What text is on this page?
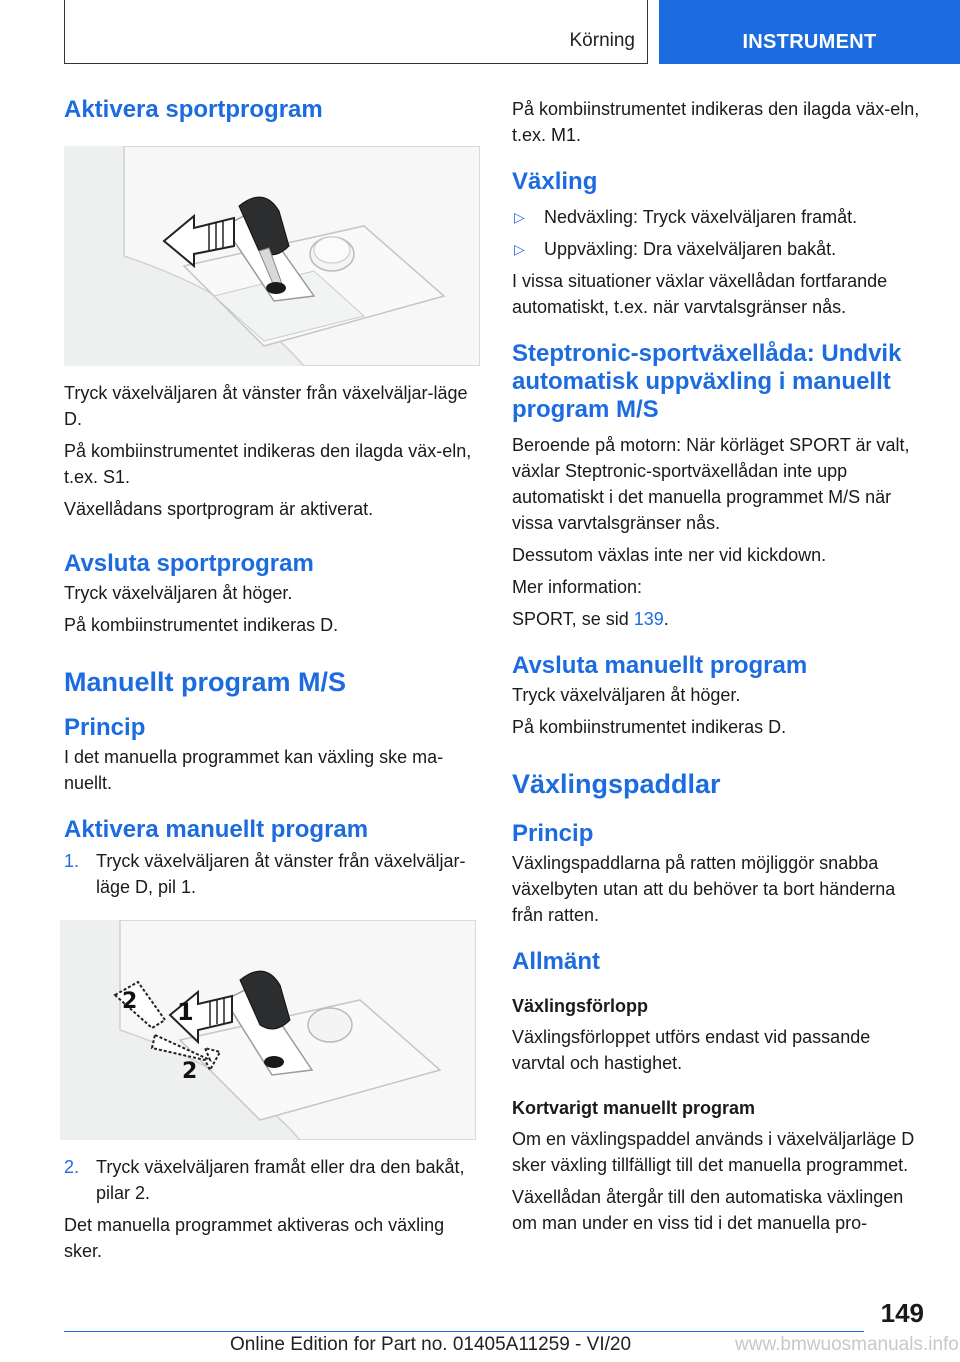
Körning	INSTRUMENT
Aktivera sportprogram

Tryck växelväljaren åt vänster från växelväljar-läge D.

På kombiinstrumentet indikeras den ilagda väx-eln, t.ex. S1.

Växellådans sportprogram är aktiverat.

Avsluta sportprogram

Tryck växelväljaren åt höger.

På kombiinstrumentet indikeras D.

Manuellt program M/S
Princip

I det manuella programmet kan växling ske ma-nuellt.

Aktivera manuellt program
1. Tryck växelväljaren åt vänster från växelväljar-läge D, pil 1.
1
2
2
2. Tryck växelväljaren framåt eller dra den bakåt, pilar 2.

Det manuella programmet aktiveras och växling sker.

På kombiinstrumentet indikeras den ilagda väx-eln, t.ex. M1.

Växling
▷ Nedväxling: Tryck växelväljaren framåt.
▷ Uppväxling: Dra växelväljaren bakåt.

I vissa situationer växlar växellådan fortfarande automatiskt, t.ex. när varvtalsgränser nås.

Steptronic-sportväxellåda: Undvik automatisk uppväxling i manuellt program M/S

Beroende på motorn: När körläget SPORT är valt, växlar Steptronic-sportväxellådan inte upp automatiskt i det manuella programmet M/S när vissa varvtalsgränser nås.

Dessutom växlas inte ner vid kickdown.

Mer information:

SPORT, se sid 139.

Avsluta manuellt program

Tryck växelväljaren åt höger.

På kombiinstrumentet indikeras D.

Växlingspaddlar
Princip

Växlingspaddlarna på ratten möjliggör snabba växelbyten utan att du behöver ta bort händerna från ratten.

Allmänt
Växlingsförlopp

Växlingsförloppet utförs endast vid passande varvtal och hastighet.

Kortvarigt manuellt program

Om en växlingspaddel används i växelväljarläge D sker växling tillfälligt till det manuella programmet.

Växellådan återgår till den automatiska växlingen om man under en viss tid i det manuella pro-

149
Online Edition for Part no. 01405A11259 - VI/20	www.bmwuosmanuals.info
